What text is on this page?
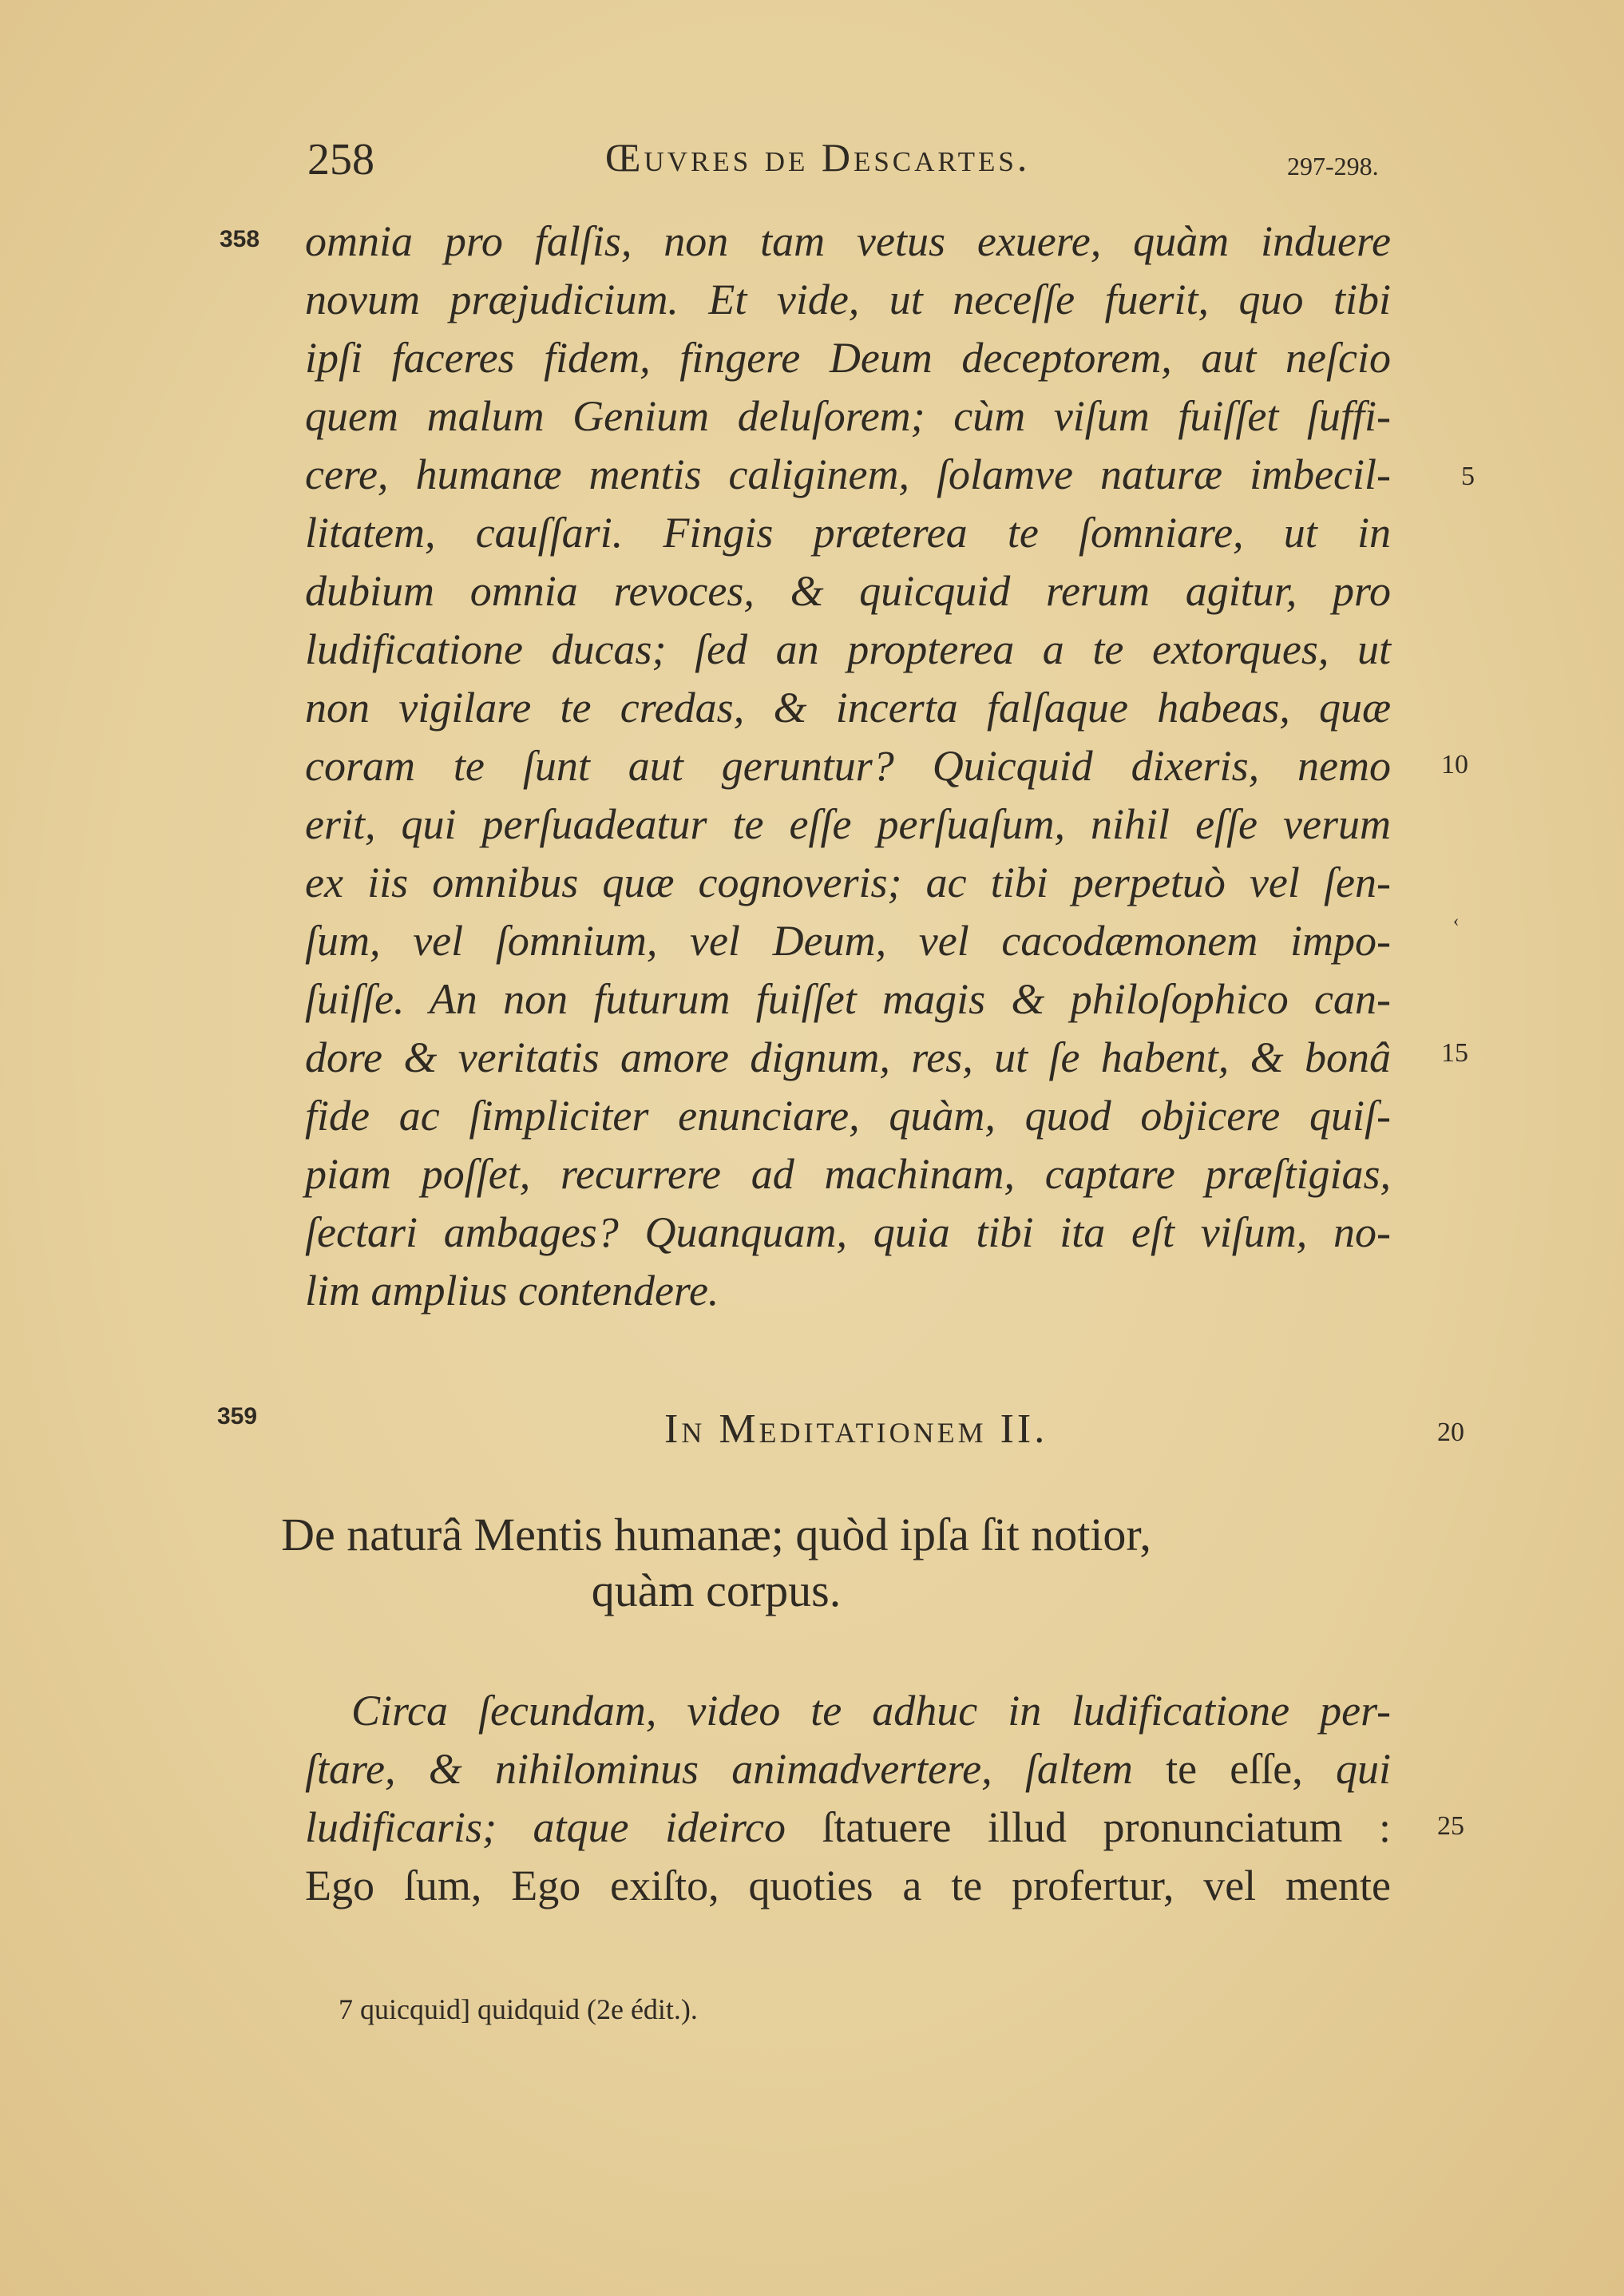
258	Œuvres de Descartes.	297-298.
358
359
5
10
15
20
25
‹
omnia pro falſis, non tam vetus exuere, quàm induere
novum præjudicium. Et vide, ut neceſſe fuerit, quo tibi
ipſi faceres fidem, fingere Deum deceptorem, aut neſcio
quem malum Genium deluſorem; cùm viſum fuiſſet ſuffi-
cere, humanæ mentis caliginem, ſolamve naturæ imbecil-
litatem, cauſſari. Fingis præterea te ſomniare, ut in
dubium omnia revoces, & quicquid rerum agitur, pro
ludificatione ducas; ſed an propterea a te extorques, ut
non vigilare te credas, & incerta falſaque habeas, quæ
coram te ſunt aut geruntur? Quicquid dixeris, nemo
erit, qui perſuadeatur te eſſe perſuaſum, nihil eſſe verum
ex iis omnibus quæ cognoveris; ac tibi perpetuò vel ſen-
ſum, vel ſomnium, vel Deum, vel cacodæmonem impo-
ſuiſſe. An non futurum fuiſſet magis & philoſophico can-
dore & veritatis amore dignum, res, ut ſe habent, & bonâ
fide ac ſimpliciter enunciare, quàm, quod objicere quiſ-
piam poſſet, recurrere ad machinam, captare præſtigias,
ſectari ambages? Quanquam, quia tibi ita eſt viſum, no-
lim amplius contendere.
In Meditationem II.
De naturâ Mentis humanæ; quòd ipſa ſit notior,
quàm corpus.
Circa ſecundam, video te adhuc in ludificatione per-
ſtare, & nihilominus animadvertere, ſaltem te eſſe, qui
ludificaris; atque ideirco ſtatuere illud pronunciatum :
Ego ſum, Ego exiſto, quoties a te profertur, vel mente
7 quicquid] quidquid (2e édit.).
